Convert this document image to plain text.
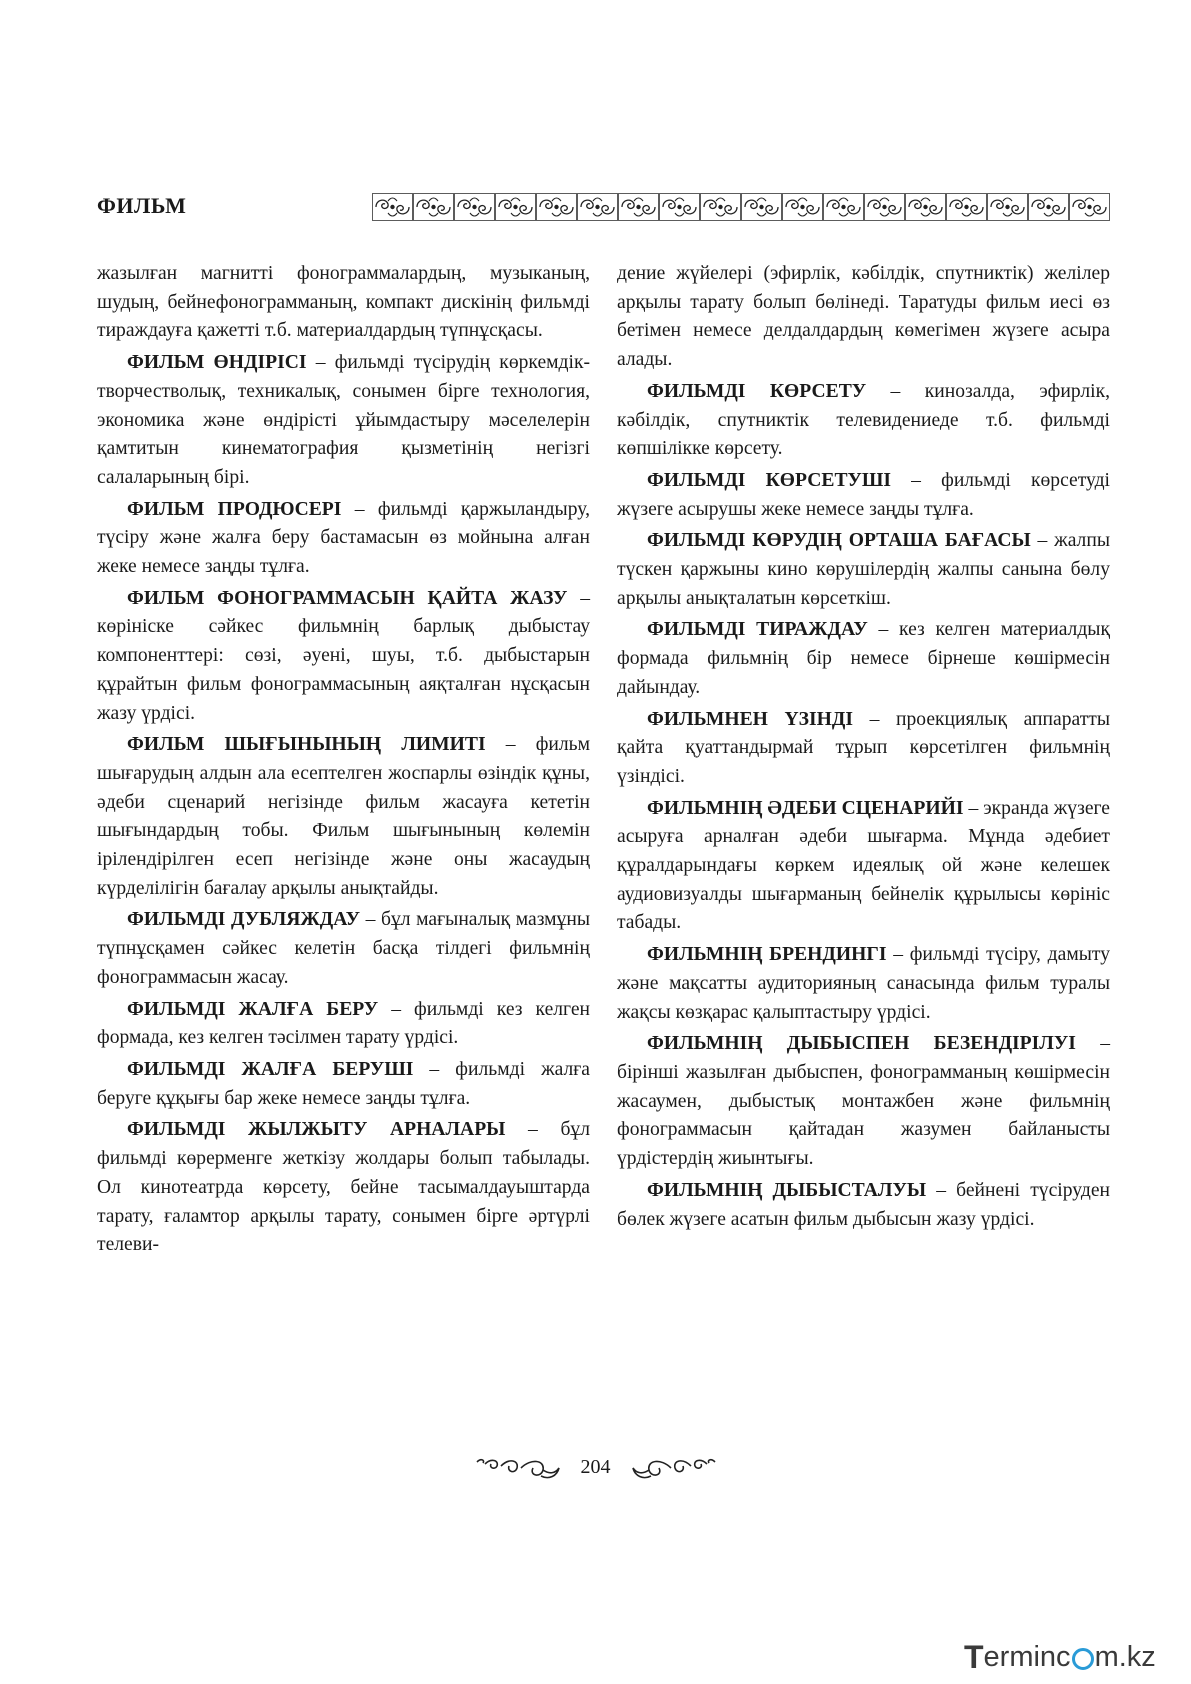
ФИЛЬМ

жазылған магнитті фонограммалардың, музыканың, шудың, бейнефонограмманың, компакт дискінің фильмді тираждауға қажетті т.б. материалдардың түпнұсқасы.

ФИЛЬМ ӨНДІРІСІ – фильмді түсірудің көркемдік-творчестволық, техникалық, сонымен бірге технология, экономика және өндірісті ұйымдастыру мәселелерін қамтитын кинематография қызметінің негізгі салаларының бірі.

ФИЛЬМ ПРОДЮСЕРІ – фильмді қаржыландыру, түсіру және жалға беру бастамасын өз мойнына алған жеке немесе заңды тұлға.

ФИЛЬМ ФОНОГРАММАСЫН ҚАЙТА ЖАЗУ – көрініске сәйкес фильмнің барлық дыбыстау компоненттері: сөзі, әуені, шуы, т.б. дыбыстарын құрайтын фильм фонограммасының аяқталған нұсқасын жазу үрдісі.

ФИЛЬМ ШЫҒЫНЫНЫҢ ЛИМИТІ – фильм шығарудың алдын ала есептелген жоспарлы өзіндік құны, әдеби сценарий негізінде фильм жасауға кететін шығындардың тобы. Фильм шығынының көлемін ірілендірілген есеп негізінде және оны жасаудың күрделілігін бағалау арқылы анықтайды.

ФИЛЬМДІ ДУБЛЯЖДАУ – бұл мағыналық мазмұны түпнұсқамен сәйкес келетін басқа тілдегі фильмнің фонограммасын жасау.

ФИЛЬМДІ ЖАЛҒА БЕРУ – фильмді кез келген формада, кез келген тәсілмен тарату үрдісі.

ФИЛЬМДІ ЖАЛҒА БЕРУШІ – фильмді жалға беруге құқығы бар жеке немесе заңды тұлға.

ФИЛЬМДІ ЖЫЛЖЫТУ АРНАЛАРЫ – бұл фильмді көрерменге жеткізу жолдары болып табылады. Ол кинотеатрда көрсету, бейне тасымалдауыштарда тарату, ғаламтор арқылы тарату, сонымен бірге әртүрлі телеви-

дение жүйелері (эфирлік, кәбілдік, спутниктік) желілер арқылы тарату болып бөлінеді. Таратуды фильм иесі өз бетімен немесе делдалдардың көмегімен жүзеге асыра алады.

ФИЛЬМДІ КӨРСЕТУ – кинозалда, эфирлік, кәбілдік, спутниктік телевидениеде т.б. фильмді көпшілікке көрсету.

ФИЛЬМДІ КӨРСЕТУШІ – фильмді көрсетуді жүзеге асырушы жеке немесе заңды тұлға.

ФИЛЬМДІ КӨРУДІҢ ОРТАША БАҒАСЫ – жалпы түскен қаржыны кино көрушілердің жалпы санына бөлу арқылы анықталатын көрсеткіш.

ФИЛЬМДІ ТИРАЖДАУ – кез келген материалдық формада фильмнің бір немесе бірнеше көшірмесін дайындау.

ФИЛЬМНЕН ҮЗІНДІ – проекциялық аппаратты қайта қуаттандырмай тұрып көрсетілген фильмнің үзіндісі.

ФИЛЬМНІҢ ӘДЕБИ СЦЕНАРИЙІ – экранда жүзеге асыруға арналған әдеби шығарма. Мұнда әдебиет құралдарындағы көркем идеялық ой және келешек аудиовизуалды шығарманың бейнелік құрылысы көрініс табады.

ФИЛЬМНІҢ БРЕНДИНГІ – фильмді түсіру, дамыту және мақсатты аудиторияның санасында фильм туралы жақсы көзқарас қалыптастыру үрдісі.

ФИЛЬМНІҢ ДЫБЫСПЕН БЕЗЕНДІРІЛУІ – бірінші жазылған дыбыспен, фонограмманың көшірмесін жасаумен, дыбыстық монтажбен және фильмнің фонограммасын қайтадан жазумен байланысты үрдістердің жиынтығы.

ФИЛЬМНІҢ ДЫБЫСТАЛУЫ – бейнені түсіруден бөлек жүзеге асатын фильм дыбысын жазу үрдісі.

204
T erminc m.kz
